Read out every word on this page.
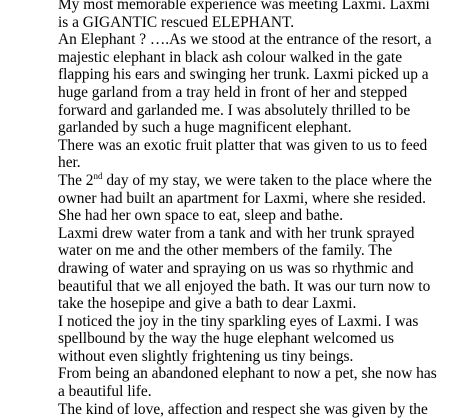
My most memorable experience was meeting Laxmi. Laxmi
is a GIGANTIC rescued ELEPHANT.
An Elephant ? ….As we stood at the entrance of the resort, a
majestic elephant in black ash colour walked in the gate
flapping his ears and swinging her trunk. Laxmi picked up a
huge garland from a tray held in front of her and stepped
forward and garlanded me. I was absolutely thrilled to be
garlanded by such a huge magnificent elephant.
There was an exotic fruit platter that was given to us to feed
her.
The 2nd day of my stay, we were taken to the place where the
owner had built an apartment for Laxmi, where she resided.
She had her own space to eat, sleep and bathe.
Laxmi drew water from a tank and with her trunk sprayed
water on me and the other members of the family. The
drawing of water and spraying on us was so rhythmic and
beautiful that we all enjoyed the bath. It was our turn now to
take the hosepipe and give a bath to dear Laxmi.
I noticed the joy in the tiny sparkling eyes of Laxmi. I was
spellbound by the way the huge elephant welcomed us
without even slightly frightening us tiny beings.
From being an abandoned elephant to now a pet, she now has
a beautiful life.
The kind of love, affection and respect she was given by the
